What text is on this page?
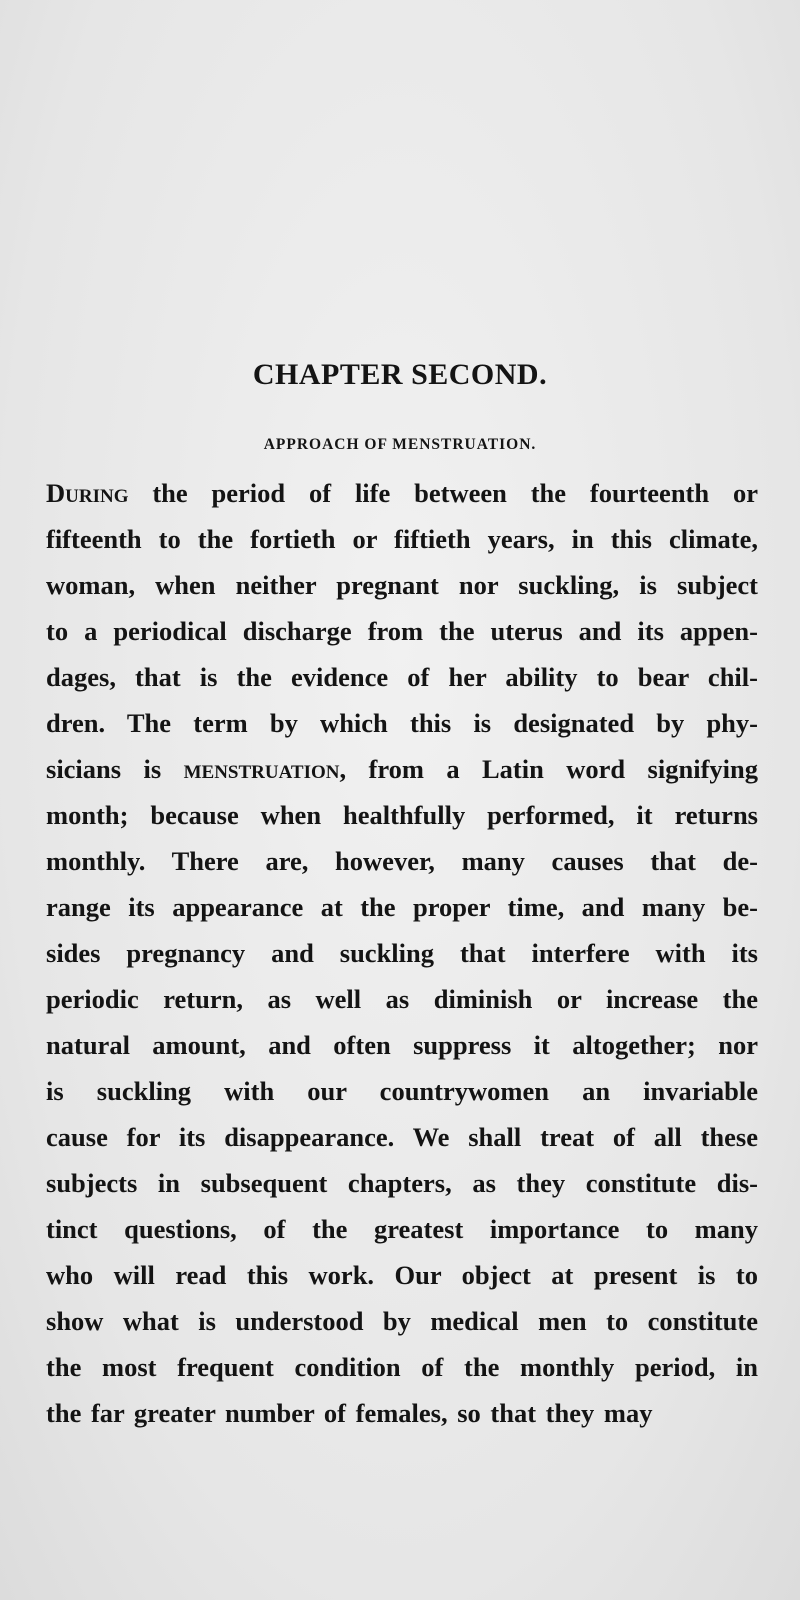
CHAPTER SECOND.
APPROACH OF MENSTRUATION.
During the period of life between the fourteenth or
fifteenth to the fortieth or fiftieth years, in this climate,
woman, when neither pregnant nor suckling, is subject
to a periodical discharge from the uterus and its appen-
dages, that is the evidence of her ability to bear chil-
dren. The term by which this is designated by phy-
sicians is menstruation, from a Latin word signifying
month; because when healthfully performed, it returns
monthly. There are, however, many causes that de-
range its appearance at the proper time, and many be-
sides pregnancy and suckling that interfere with its
periodic return, as well as diminish or increase the
natural amount, and often suppress it altogether; nor
is suckling with our countrywomen an invariable
cause for its disappearance. We shall treat of all these
subjects in subsequent chapters, as they constitute dis-
tinct questions, of the greatest importance to many
who will read this work. Our object at present is to
show what is understood by medical men to constitute
the most frequent condition of the monthly period, in
the far greater number of females, so that they may
